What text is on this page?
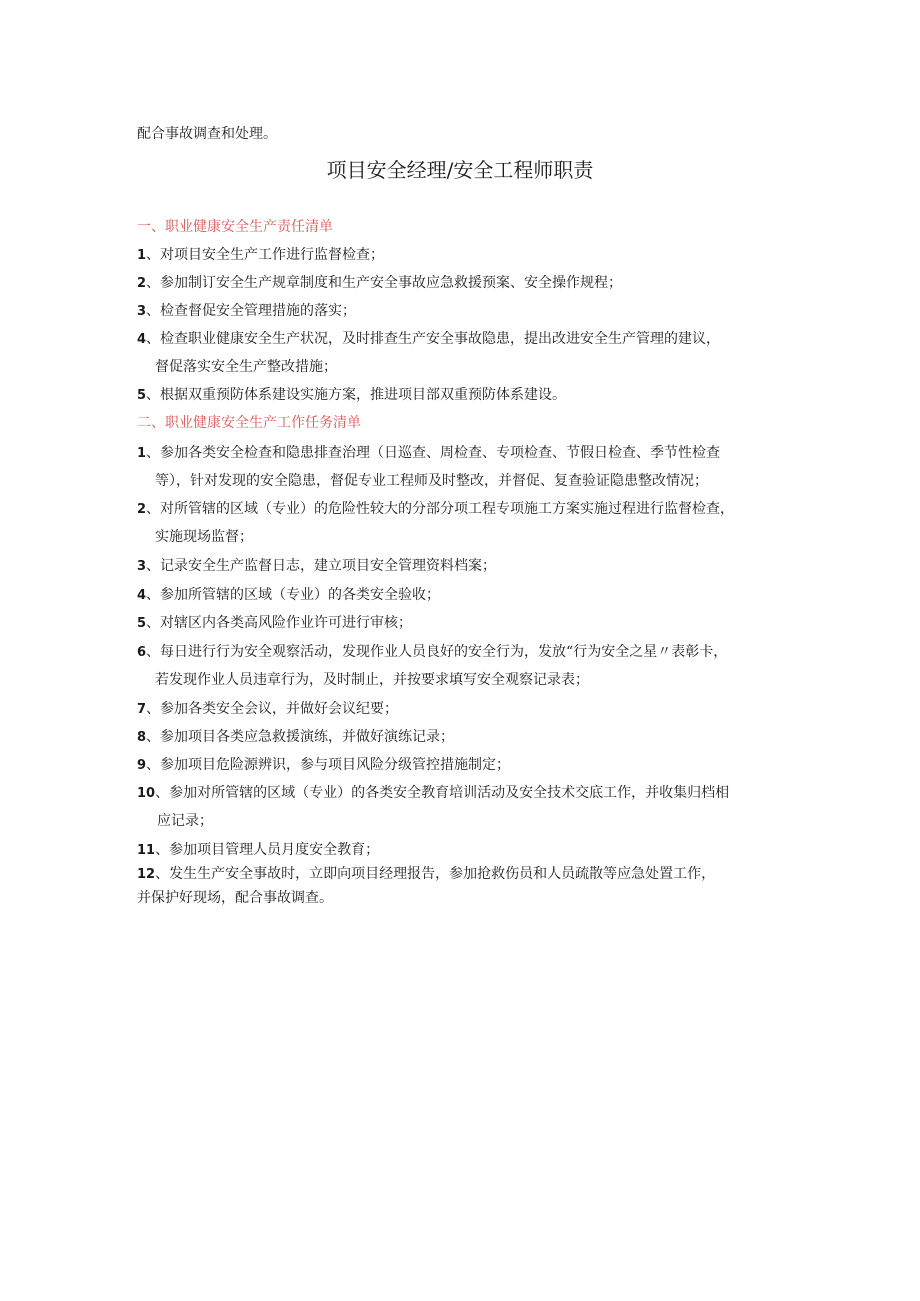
配合事故调查和处理。
项目安全经理/安全工程师职责
一、职业健康安全生产责任清单
1、对项目安全生产工作进行监督检查；
2、参加制订安全生产规章制度和生产安全事故应急救援预案、安全操作规程；
3、检查督促安全管理措施的落实；
4、检查职业健康安全生产状况，及时排查生产安全事故隐患，提出改进安全生产管理的建议，
督促落实安全生产整改措施；
5、根据双重预防体系建设实施方案，推进项目部双重预防体系建设。
二、职业健康安全生产工作任务清单
1、参加各类安全检查和隐患排查治理（日巡查、周检查、专项检查、节假日检查、季节性检查
等），针对发现的安全隐患，督促专业工程师及时整改，并督促、复查验证隐患整改情况；
2、对所管辖的区域（专业）的危险性较大的分部分项工程专项施工方案实施过程进行监督检查，
实施现场监督；
3、记录安全生产监督日志，建立项目安全管理资料档案；
4、参加所管辖的区域（专业）的各类安全验收；
5、对辖区内各类高风险作业许可进行审核；
6、每日进行行为安全观察活动，发现作业人员良好的安全行为，发放“行为安全之星〃表彰卡，
若发现作业人员违章行为，及时制止，并按要求填写安全观察记录表；
7、参加各类安全会议，并做好会议纪要；
8、参加项目各类应急救援演练，并做好演练记录；
9、参加项目危险源辨识，参与项目风险分级管控措施制定；
10、参加对所管辖的区域（专业）的各类安全教育培训活动及安全技术交底工作，并收集归档相
应记录；
11、参加项目管理人员月度安全教育；
12、发生生产安全事故时，立即向项目经理报告，参加抢救伤员和人员疏散等应急处置工作，
并保护好现场，配合事故调查。
